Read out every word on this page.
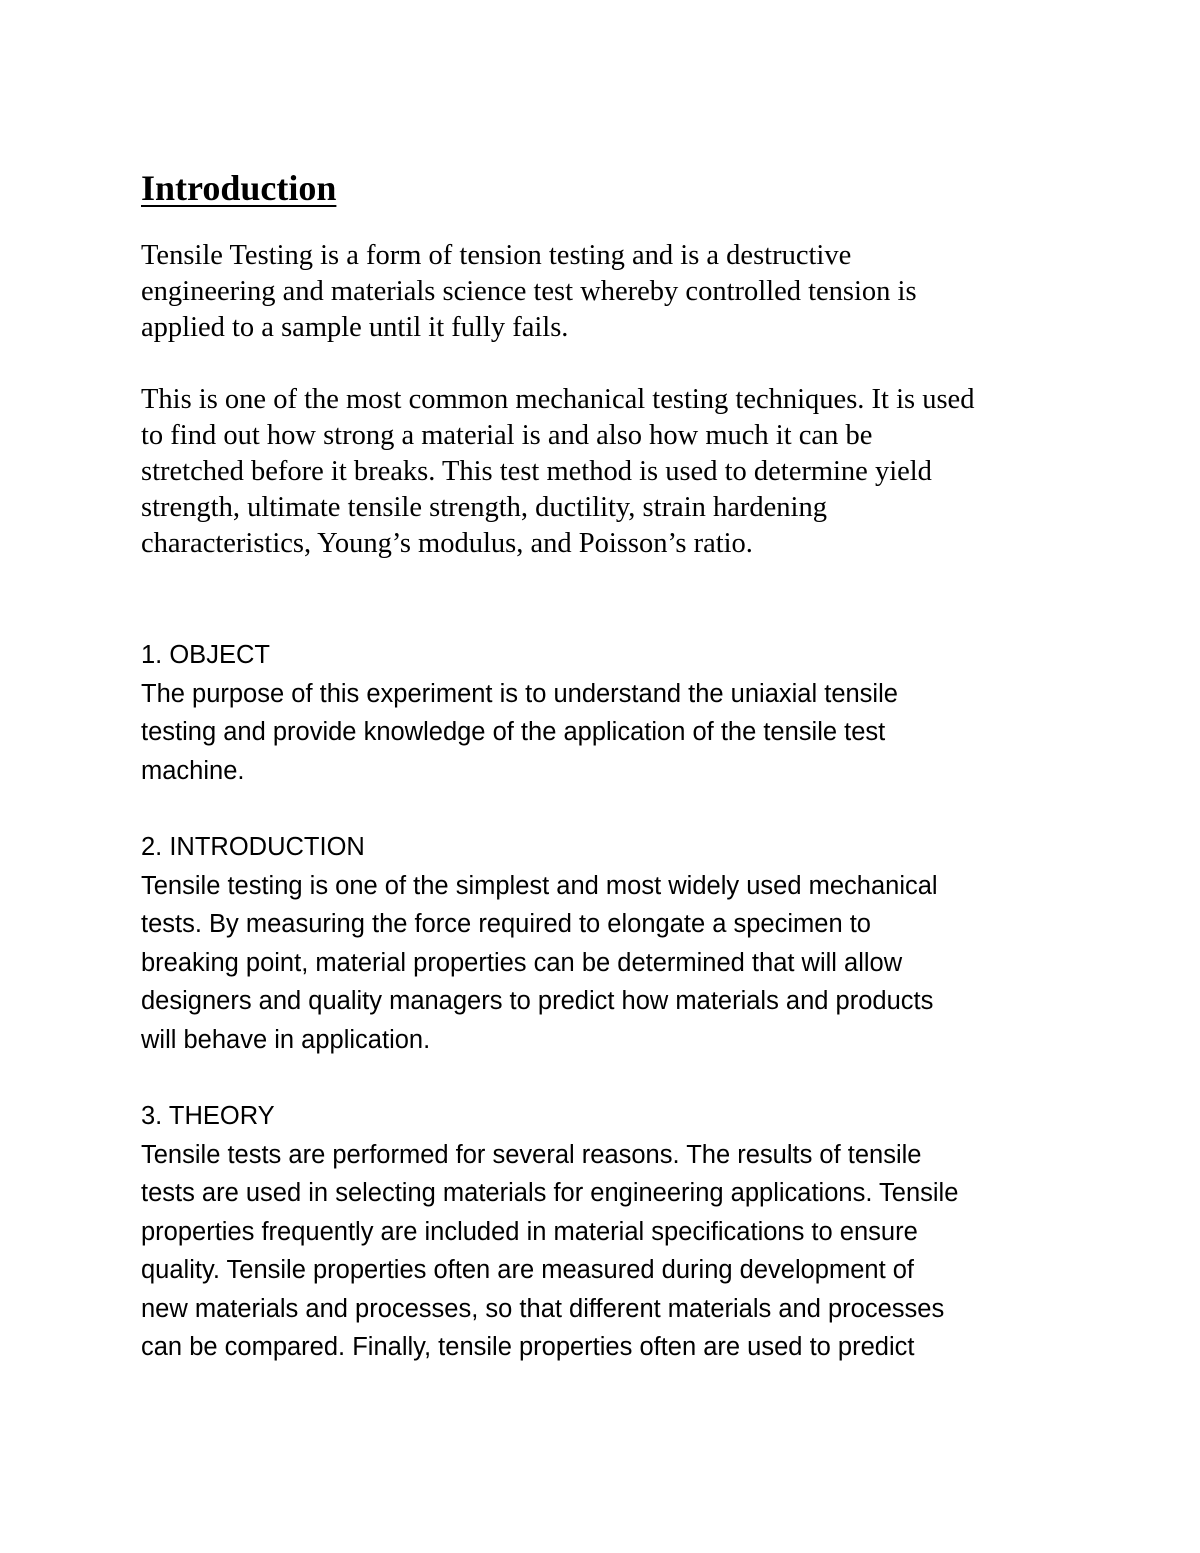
Introduction

Tensile Testing is a form of tension testing and is a destructive
engineering and materials science test whereby controlled tension is
applied to a sample until it fully fails.

This is one of the most common mechanical testing techniques. It is used
to find out how strong a material is and also how much it can be
stretched before it breaks. This test method is used to determine yield
strength, ultimate tensile strength, ductility, strain hardening
characteristics, Young’s modulus, and Poisson’s ratio.

1. OBJECT
The purpose of this experiment is to understand the uniaxial tensile
testing and provide knowledge of the application of the tensile test
machine.
2. INTRODUCTION
Tensile testing is one of the simplest and most widely used mechanical
tests. By measuring the force required to elongate a specimen to
breaking point, material properties can be determined that will allow
designers and quality managers to predict how materials and products
will behave in application.
3. THEORY
Tensile tests are performed for several reasons. The results of tensile
tests are used in selecting materials for engineering applications. Tensile
properties frequently are included in material specifications to ensure
quality. Tensile properties often are measured during development of
new materials and processes, so that different materials and processes
can be compared. Finally, tensile properties often are used to predict
